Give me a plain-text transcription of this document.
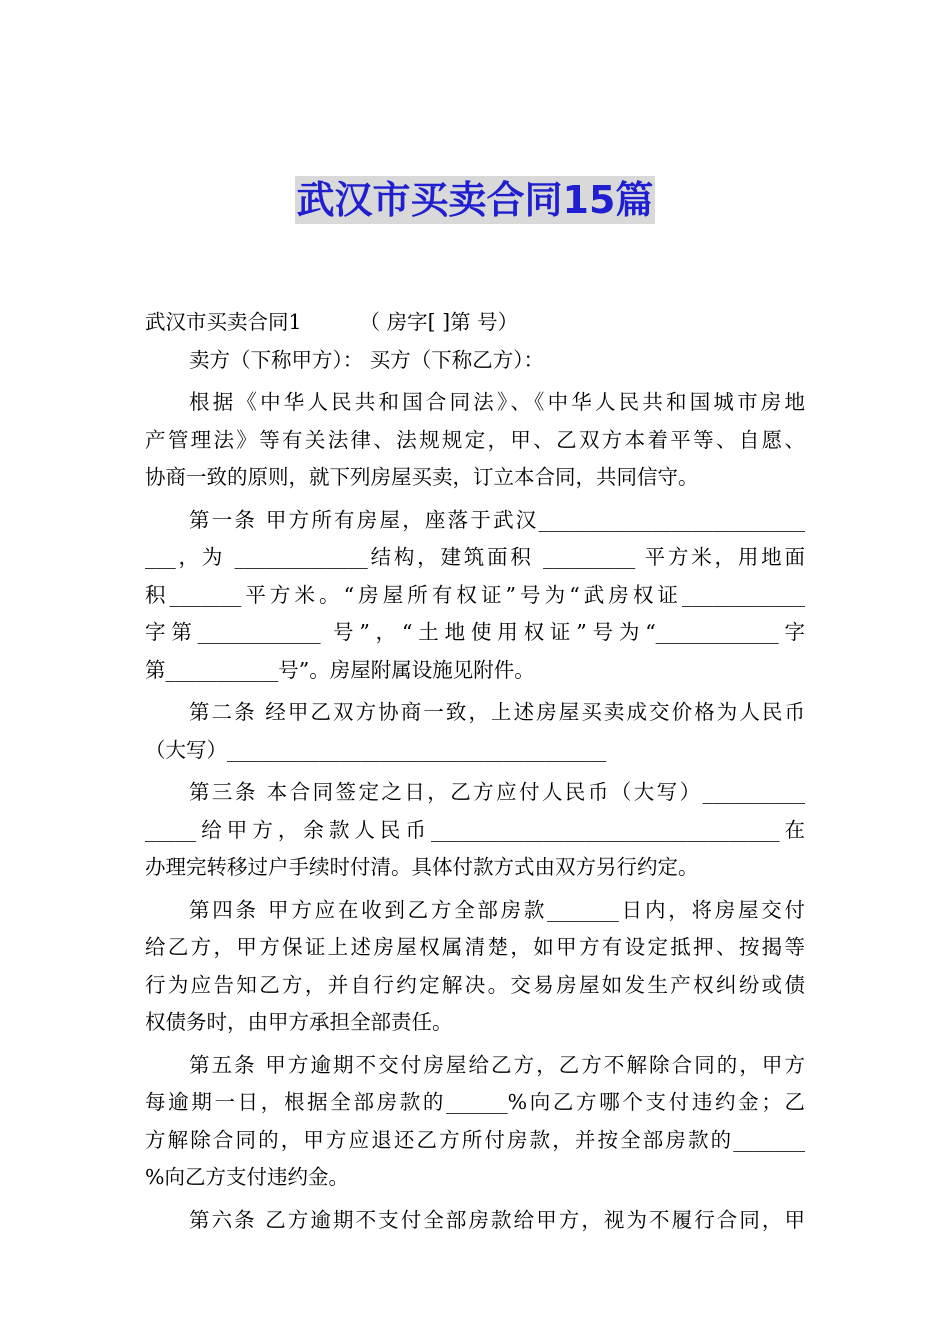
武汉市买卖合同15篇
武汉市买卖合同1	（ 房字[ ]第 号）
卖方（下称甲方）： 买方（下称乙方）：
根据《中华人民共和国合同法》、《中华人民共和国城市房地
产管理法》等有关法律、法规规定，甲、乙双方本着平等、自愿、
协商一致的原则，就下列房屋买卖，订立本合同，共同信守。
第一条 甲方所有房屋，座落于武汉__________________________
___，为 _____________结构，建筑面积 _________ 平方米，用地面
积_______平方米。“房屋所有权证”号为“武房权证____________
字第____________ 号”，“土地使用权证”号为“____________字
第___________号”。房屋附属设施见附件。
第二条 经甲乙双方协商一致，上述房屋买卖成交价格为人民币
（大写）_____________________________________
第三条 本合同签定之日，乙方应付人民币（大写）__________
_____给甲方，余款人民币__________________________________在
办理完转移过户手续时付清。具体付款方式由双方另行约定。
第四条 甲方应在收到乙方全部房款_______日内，将房屋交付
给乙方，甲方保证上述房屋权属清楚，如甲方有设定抵押、按揭等
行为应告知乙方，并自行约定解决。交易房屋如发生产权纠纷或债
权债务时，由甲方承担全部责任。
第五条 甲方逾期不交付房屋给乙方，乙方不解除合同的，甲方
每逾期一日，根据全部房款的______%向乙方哪个支付违约金；乙
方解除合同的，甲方应退还乙方所付房款，并按全部房款的_______
%向乙方支付违约金。
第六条 乙方逾期不支付全部房款给甲方，视为不履行合同，甲
